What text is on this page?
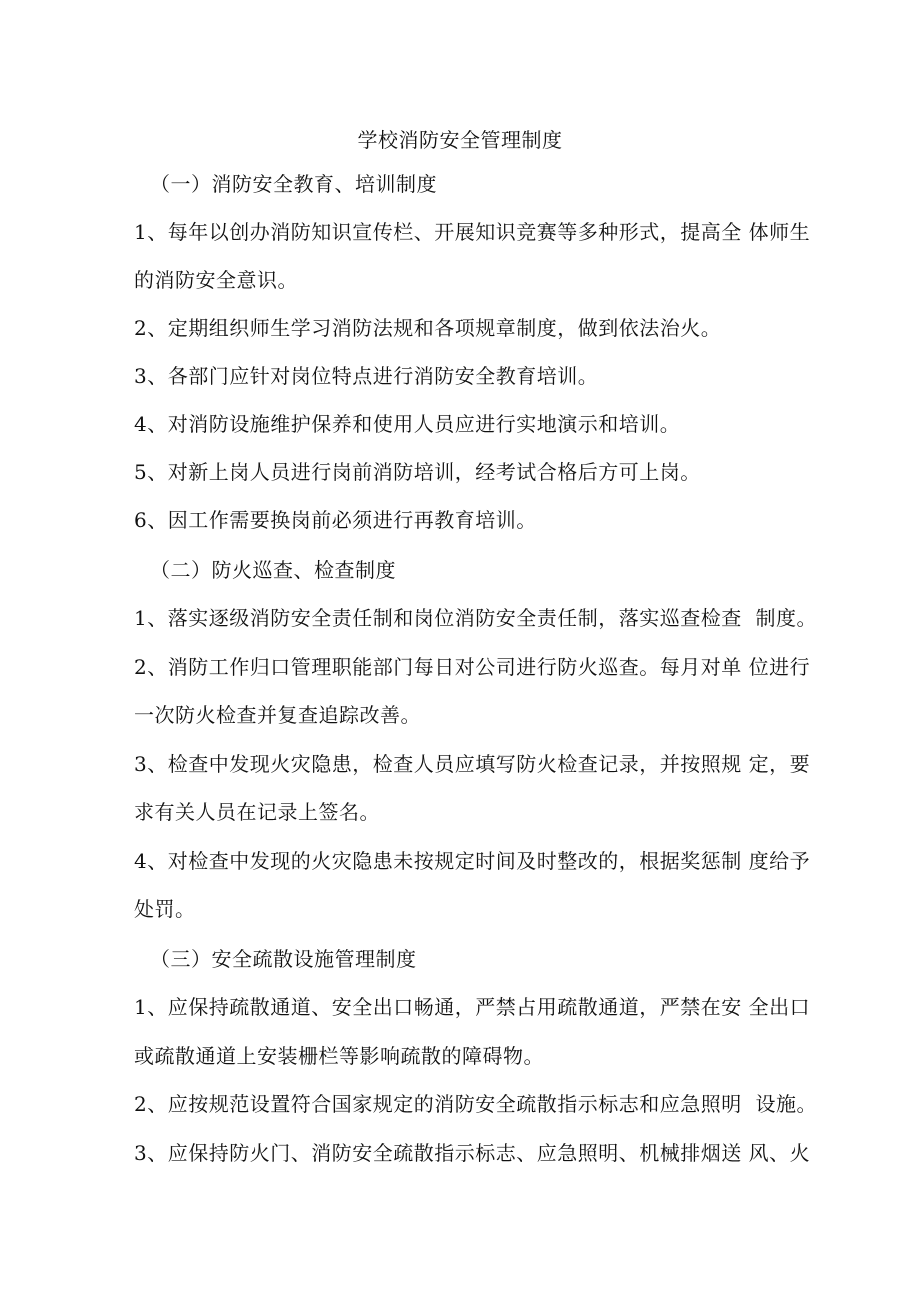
学校消防安全管理制度
（一）消防安全教育、培训制度
1、每年以创办消防知识宣传栏、开展知识竞赛等多种形式，提高全 体师生
的消防安全意识。
2、定期组织师生学习消防法规和各项规章制度，做到依法治火。
3、各部门应针对岗位特点进行消防安全教育培训。
4、对消防设施维护保养和使用人员应进行实地演示和培训。
5、对新上岗人员进行岗前消防培训，经考试合格后方可上岗。
6、因工作需要换岗前必须进行再教育培训。
（二）防火巡查、检查制度
1、落实逐级消防安全责任制和岗位消防安全责任制，落实巡查检查  制度。
2、消防工作归口管理职能部门每日对公司进行防火巡查。每月对单 位进行
一次防火检查并复查追踪改善。
3、检查中发现火灾隐患，检查人员应填写防火检查记录，并按照规 定，要
求有关人员在记录上签名。
4、对检查中发现的火灾隐患未按规定时间及时整改的，根据奖惩制 度给予
处罚。
（三）安全疏散设施管理制度
1、应保持疏散通道、安全出口畅通，严禁占用疏散通道，严禁在安 全出口
或疏散通道上安装栅栏等影响疏散的障碍物。
2、应按规范设置符合国家规定的消防安全疏散指示标志和应急照明  设施。
3、应保持防火门、消防安全疏散指示标志、应急照明、机械排烟送 风、火
